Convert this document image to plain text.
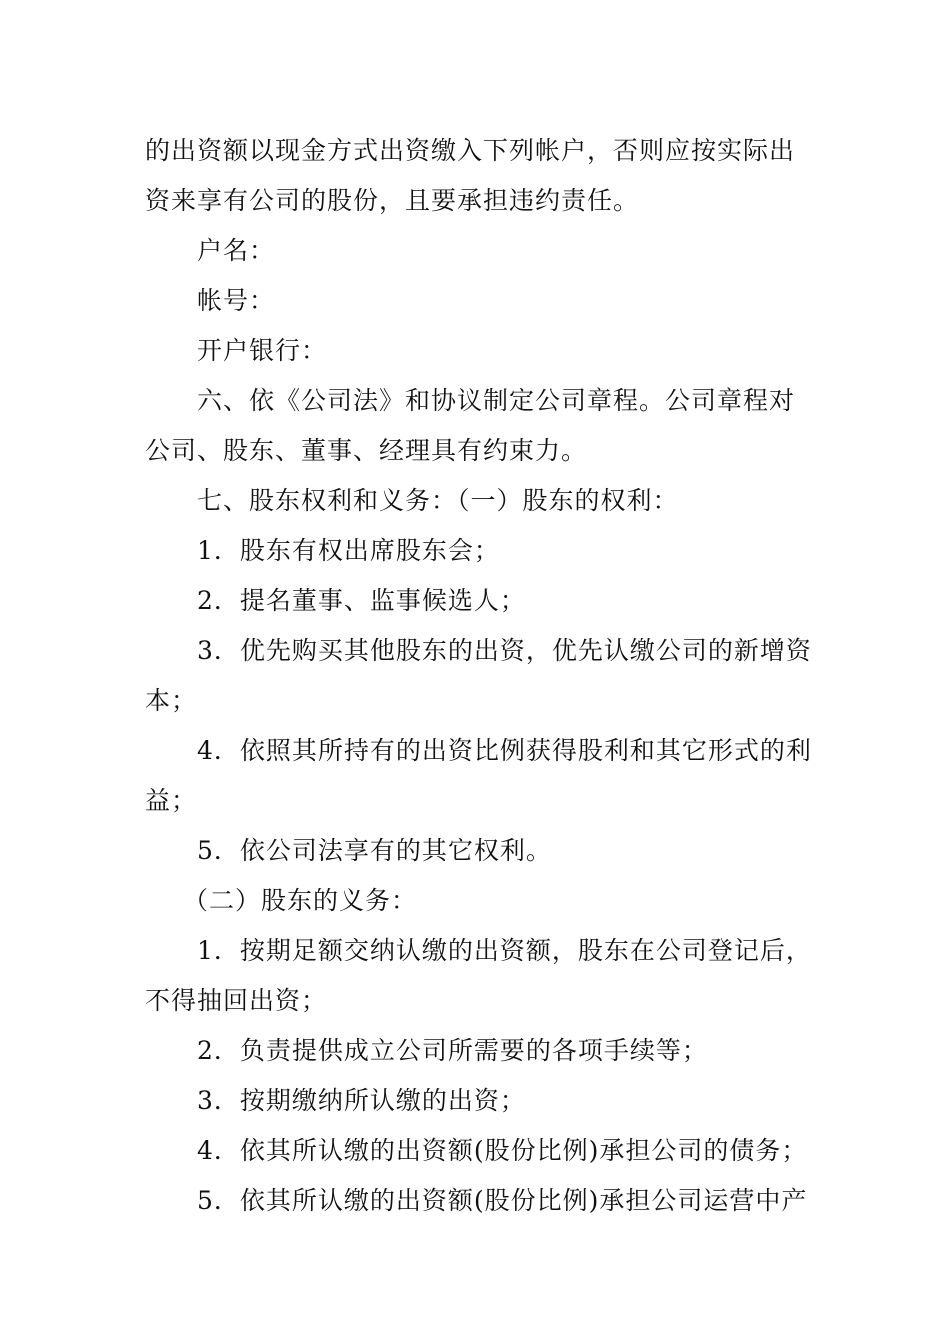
的出资额以现金方式出资缴入下列帐户，否则应按实际出资来享有公司的股份，且要承担违约责任。

户名：

帐号：

开户银行：

六、依《公司法》和协议制定公司章程。公司章程对公司、股东、董事、经理具有约束力。

七、股东权利和义务：（一）股东的权利：

1．股东有权出席股东会；

2．提名董事、监事候选人；

3．优先购买其他股东的出资，优先认缴公司的新增资本；

4．依照其所持有的出资比例获得股利和其它形式的利益；

5．依公司法享有的其它权利。

（二）股东的义务：

1．按期足额交纳认缴的出资额，股东在公司登记后，不得抽回出资；

2．负责提供成立公司所需要的各项手续等；

3．按期缴纳所认缴的出资；

4．依其所认缴的出资额(股份比例)承担公司的债务；

5．依其所认缴的出资额(股份比例)承担公司运营中产
